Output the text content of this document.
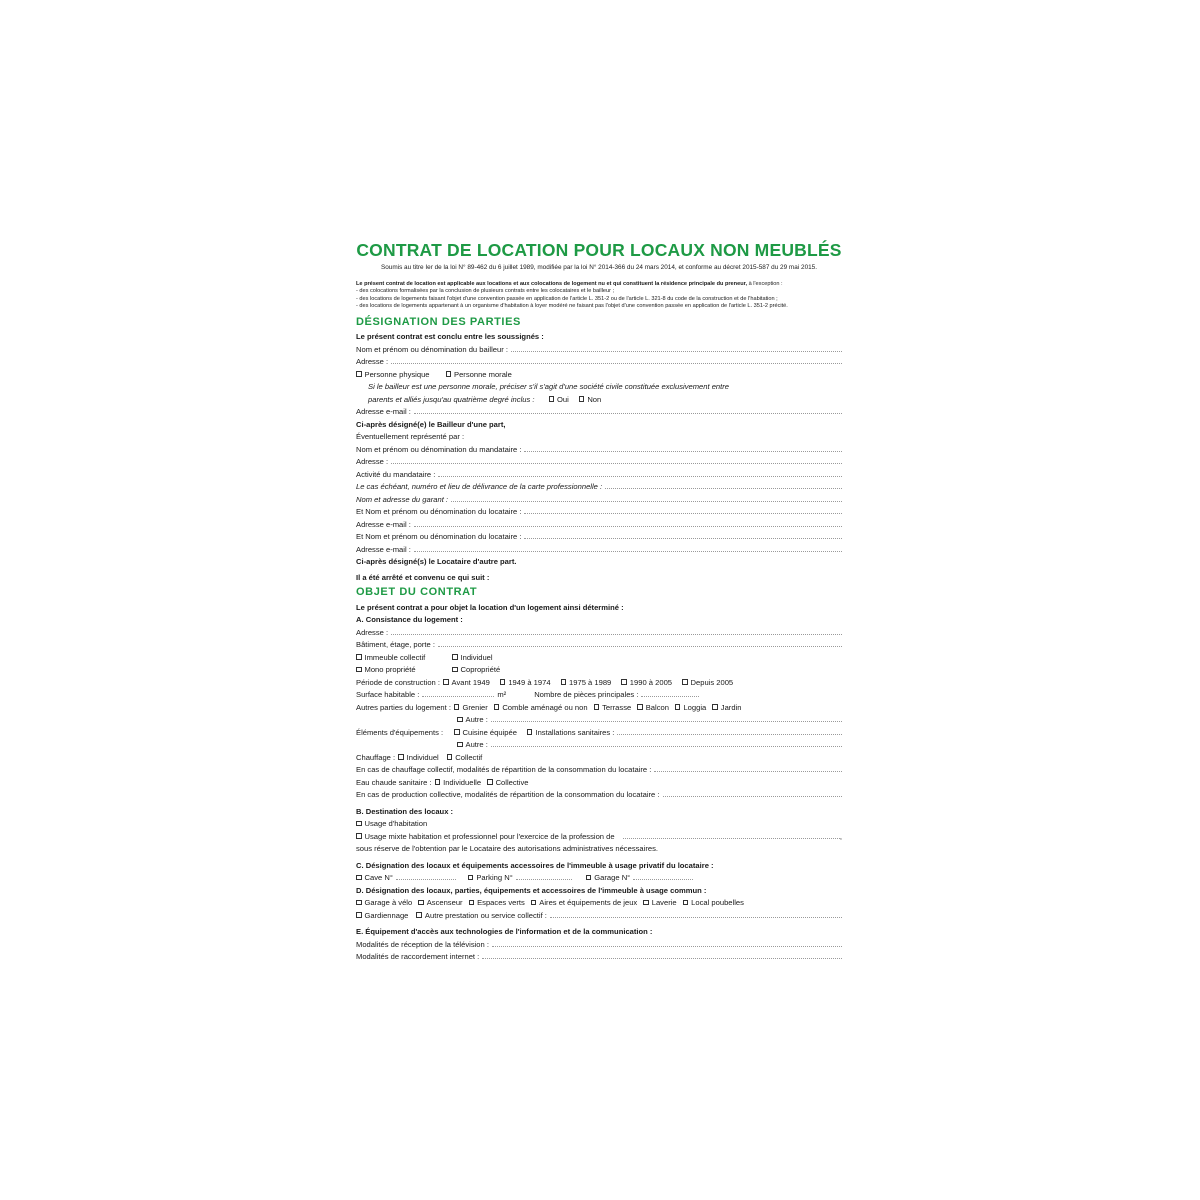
CONTRAT DE LOCATION POUR LOCAUX NON MEUBLÉS
Soumis au titre Ier de la loi N° 89-462 du 6 juillet 1989, modifiée par la loi N° 2014-366 du 24 mars 2014, et conforme au décret 2015-587 du 29 mai 2015.
Le présent contrat de location est applicable aux locations et aux colocations de logement nu et qui constituent la résidence principale du preneur, à l'exception :
- des colocations formalisées par la conclusion de plusieurs contrats entre les colocataires et le bailleur ;
- des locations de logements faisant l'objet d'une convention passée en application de l'article L. 351-2 ou de l'article L. 321-8 du code de la construction et de l'habitation ;
- des locations de logements appartenant à un organisme d'habitation à loyer modéré ne faisant pas l'objet d'une convention passée en application de l'article L. 351-2 précité.
DÉSIGNATION DES PARTIES
Le présent contrat est conclu entre les soussignés :
Nom et prénom ou dénomination du bailleur :
Adresse :
Personne physique	Personne morale
Si le bailleur est une personne morale, préciser s'il s'agit d'une société civile constituée exclusivement entre
parents et alliés jusqu'au quatrième degré inclus :	Oui Non
Adresse e-mail :
Ci-après désigné(e) le Bailleur d'une part,
Éventuellement représenté par :
Nom et prénom ou dénomination du mandataire :
Adresse :
Activité du mandataire :
Le cas échéant, numéro et lieu de délivrance de la carte professionnelle :
Nom et adresse du garant :
Et Nom et prénom ou dénomination du locataire :
Adresse e-mail :
Et Nom et prénom ou dénomination du locataire :
Adresse e-mail :
Ci-après désigné(s) le Locataire d'autre part.
Il a été arrêté et convenu ce qui suit :
OBJET DU CONTRAT
Le présent contrat a pour objet la location d'un logement ainsi déterminé :
A. Consistance du logement :
Adresse :
Bâtiment, étage, porte :
Immeuble collectif	Individuel
Mono propriété	Copropriété
Période de construction : Avant 1949 1949 à 1974 1975 à 1989 1990 à 2005 Depuis 2005
Surface habitable :	m²	Nombre de pièces principales :
Autres parties du logement : Grenier Comble aménagé ou non Terrasse Balcon Loggia Jardin
Autre :
Éléments d'équipements :	Cuisine équipée Installations sanitaires :
Autre :
Chauffage : Individuel Collectif
En cas de chauffage collectif, modalités de répartition de la consommation du locataire :
Eau chaude sanitaire : Individuelle Collective
En cas de production collective, modalités de répartition de la consommation du locataire :
B. Destination des locaux :
Usage d'habitation
Usage mixte habitation et professionnel pour l'exercice de la profession de	,
sous réserve de l'obtention par le Locataire des autorisations administratives nécessaires.
C. Désignation des locaux et équipements accessoires de l'immeuble à usage privatif du locataire :
Cave N°	Parking N°	Garage N°
D. Désignation des locaux, parties, équipements et accessoires de l'immeuble à usage commun :
Garage à vélo Ascenseur Espaces verts Aires et équipements de jeux Laverie Local poubelles
Gardiennage Autre prestation ou service collectif :
E. Équipement d'accès aux technologies de l'information et de la communication :
Modalités de réception de la télévision :
Modalités de raccordement internet :
